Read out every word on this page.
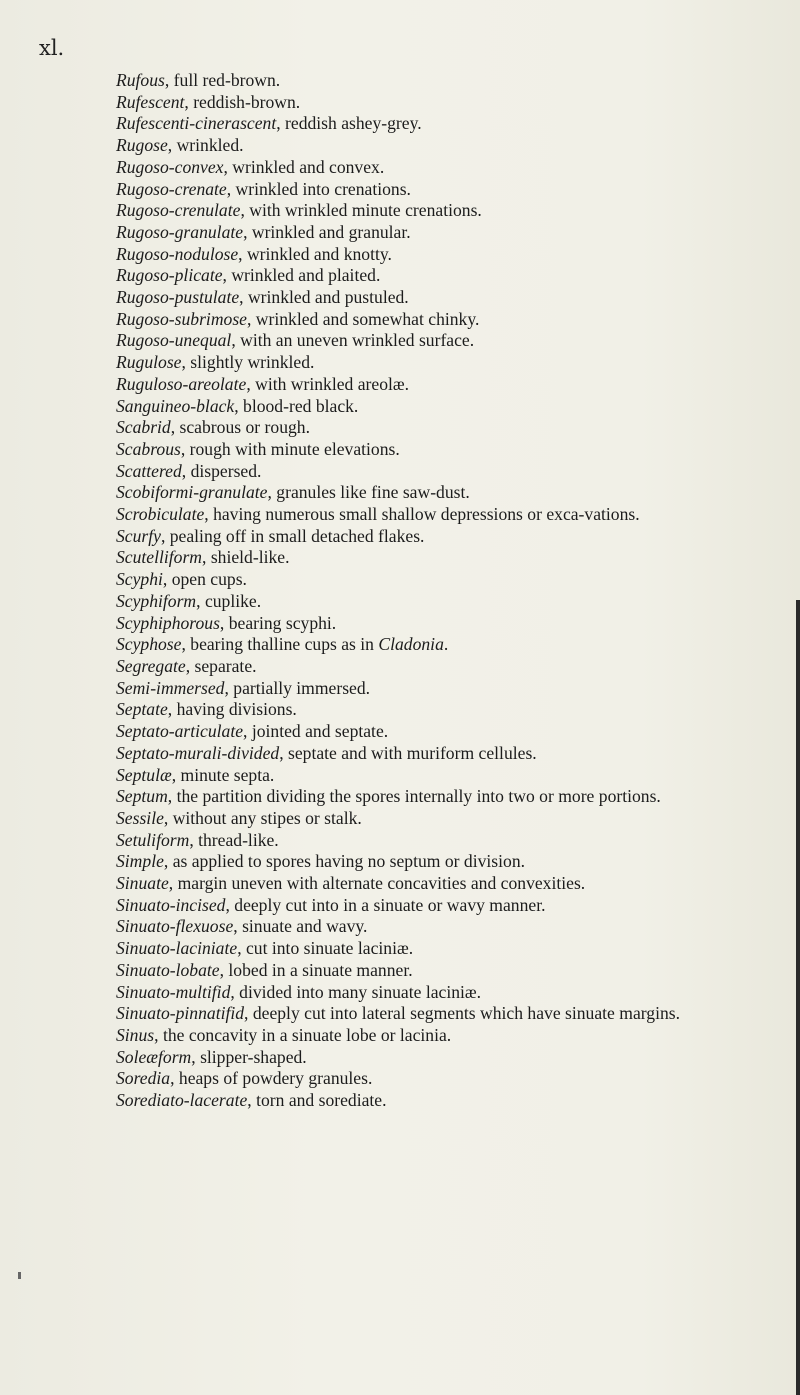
xl.

Rufous, full red-brown.

Rufescent, reddish-brown.

Rufescenti-cinerascent, reddish ashey-grey.

Rugose, wrinkled.

Rugoso-convex, wrinkled and convex.

Rugoso-crenate, wrinkled into crenations.

Rugoso-crenulate, with wrinkled minute crenations.

Rugoso-granulate, wrinkled and granular.

Rugoso-nodulose, wrinkled and knotty.

Rugoso-plicate, wrinkled and plaited.

Rugoso-pustulate, wrinkled and pustuled.

Rugoso-subrimose, wrinkled and somewhat chinky.

Rugoso-unequal, with an uneven wrinkled surface.

Rugulose, slightly wrinkled.

Ruguloso-areolate, with wrinkled areolæ.

Sanguineo-black, blood-red black.

Scabrid, scabrous or rough.

Scabrous, rough with minute elevations.

Scattered, dispersed.

Scobiformi-granulate, granules like fine saw-dust.

Scrobiculate, having numerous small shallow depressions or exca-vations.

Scurfy, pealing off in small detached flakes.

Scutelliform, shield-like.

Scyphi, open cups.

Scyphiform, cuplike.

Scyphiphorous, bearing scyphi.

Scyphose, bearing thalline cups as in Cladonia.

Segregate, separate.

Semi-immersed, partially immersed.

Septate, having divisions.

Septato-articulate, jointed and septate.

Septato-murali-divided, septate and with muriform cellules.

Septulæ, minute septa.

Septum, the partition dividing the spores internally into two or more portions.

Sessile, without any stipes or stalk.

Setuliform, thread-like.

Simple, as applied to spores having no septum or division.

Sinuate, margin uneven with alternate concavities and convexities.

Sinuato-incised, deeply cut into in a sinuate or wavy manner.

Sinuato-flexuose, sinuate and wavy.

Sinuato-laciniate, cut into sinuate laciniæ.

Sinuato-lobate, lobed in a sinuate manner.

Sinuato-multifid, divided into many sinuate laciniæ.

Sinuato-pinnatifid, deeply cut into lateral segments which have sinuate margins.

Sinus, the concavity in a sinuate lobe or lacinia.

Soleæform, slipper-shaped.

Soredia, heaps of powdery granules.

Sorediato-lacerate, torn and sorediate.
